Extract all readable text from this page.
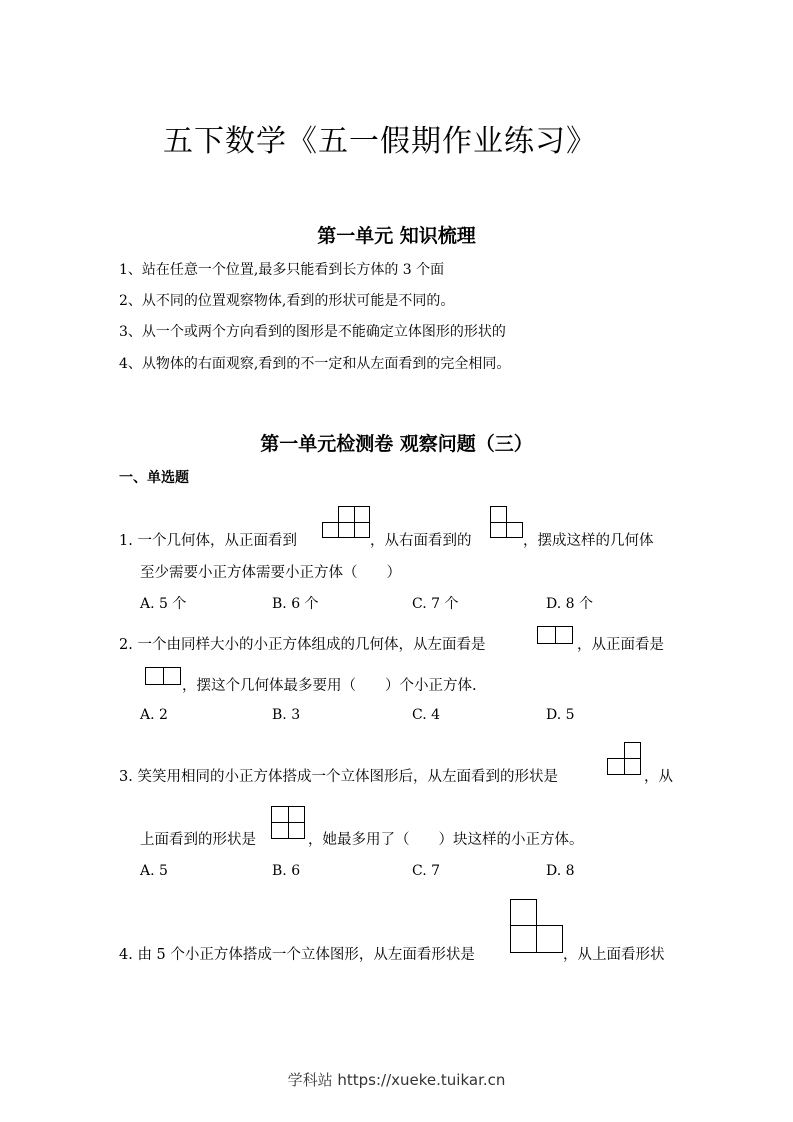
五下数学《五一假期作业练习》
第一单元 知识梳理
1、站在任意一个位置,最多只能看到长方体的 3 个面
2、从不同的位置观察物体,看到的形状可能是不同的。
3、从一个或两个方向看到的图形是不能确定立体图形的形状的
4、从物体的右面观察,看到的不一定和从左面看到的完全相同。
第一单元检测卷 观察问题（三）
一、单选题
1. 一个几何体，从正面看到	，从右面看到的	，摆成这样的几何体
至少需要小正方体需要小正方体（　　）
A. 5 个	B. 6 个	C. 7 个	D. 8 个
2. 一个由同样大小的小正方体组成的几何体，从左面看是	，从正面看是
，摆这个几何体最多要用（　　）个小正方体.
A. 2	B. 3	C. 4	D. 5
3. 笑笑用相同的小正方体搭成一个立体图形后，从左面看到的形状是	，从
上面看到的形状是	，她最多用了（　　）块这样的小正方体。
A. 5	B. 6	C. 7	D. 8
4. 由 5 个小正方体搭成一个立体图形，从左面看形状是	，从上面看形状
学科站 https://xueke.tuikar.cn
